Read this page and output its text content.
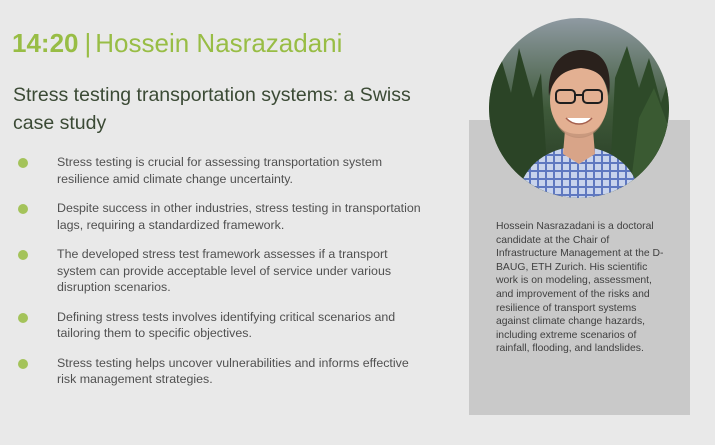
14:20 | Hossein Nasrazadani
Stress testing transportation systems: a Swiss case study
Stress testing is crucial for assessing transportation system resilience amid climate change uncertainty.
Despite success in other industries, stress testing in transportation lags, requiring a standardized framework.
The developed stress test framework assesses if a transport system can provide acceptable level of service under various disruption scenarios.
Defining stress tests involves identifying critical scenarios and tailoring them to specific objectives.
Stress testing helps uncover vulnerabilities and informs effective risk management strategies.
Hossein Nasrazadani is a doctoral candidate at the Chair of Infrastructure Management at the D-BAUG, ETH Zurich. His scientific work is on modeling, assessment, and improvement of the risks and resilience of transport systems against climate change hazards, including extreme scenarios of rainfall, flooding, and landslides.
